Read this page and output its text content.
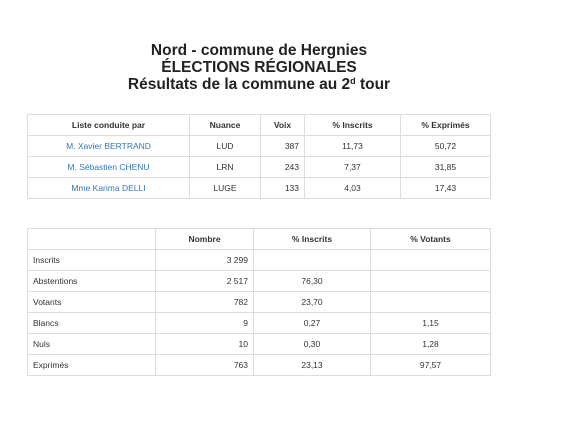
Nord - commune de Hergnies
ÉLECTIONS RÉGIONALES
Résultats de la commune au 2$^d$ tour
Liste conduite par	Nuance	Voix	% Inscrits	% Exprimés
M. Xavier BERTRAND	LUD	387	11,73	50,72
M. Sébastien CHENU	LRN	243	7,37	31,85
Mme Karima DELLI	LUGE	133	4,03	17,43
	Nombre	% Inscrits	% Votants
Inscrits	3 299		
Abstentions	2 517	76,30	
Votants	782	23,70	
Blancs	9	0,27	1,15
Nuls	10	0,30	1,28
Exprimés	763	23,13	97,57
